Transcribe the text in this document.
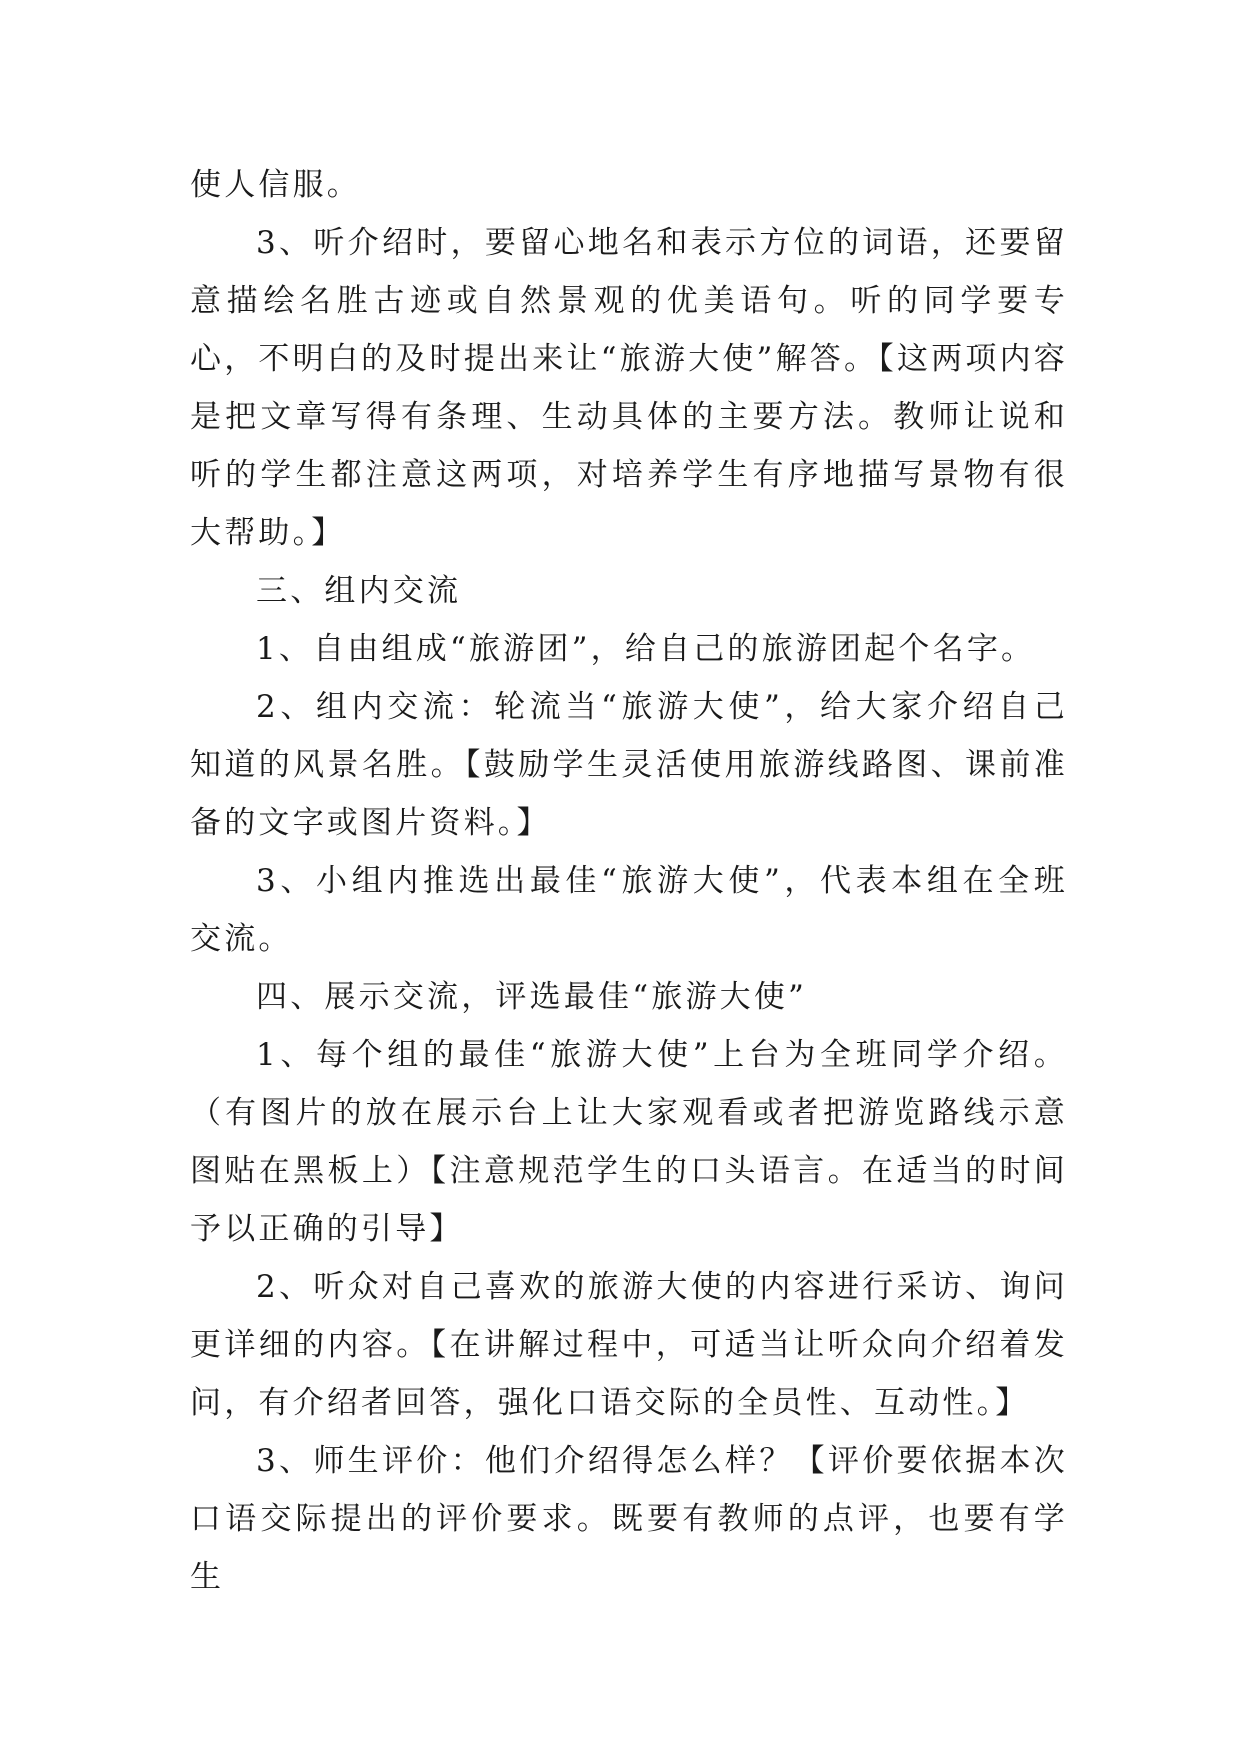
使人信服。

3、听介绍时，要留心地名和表示方位的词语，还要留意描绘名胜古迹或自然景观的优美语句。听的同学要专心，不明白的及时提出来让“旅游大使”解答。【这两项内容是把文章写得有条理、生动具体的主要方法。教师让说和听的学生都注意这两项，对培养学生有序地描写景物有很大帮助。】

三、组内交流

1、自由组成“旅游团”，给自己的旅游团起个名字。

2、组内交流：轮流当“旅游大使”，给大家介绍自己知道的风景名胜。【鼓励学生灵活使用旅游线路图、课前准备的文字或图片资料。】

3、小组内推选出最佳“旅游大使”，代表本组在全班交流。

四、展示交流，评选最佳“旅游大使”

1、每个组的最佳“旅游大使”上台为全班同学介绍。（有图片的放在展示台上让大家观看或者把游览路线示意图贴在黑板上）【注意规范学生的口头语言。在适当的时间予以正确的引导】

2、听众对自己喜欢的旅游大使的内容进行采访、询问更详细的内容。【在讲解过程中，可适当让听众向介绍着发问，有介绍者回答，强化口语交际的全员性、互动性。】

3、师生评价：他们介绍得怎么样？【评价要依据本次口语交际提出的评价要求。既要有教师的点评，也要有学生
